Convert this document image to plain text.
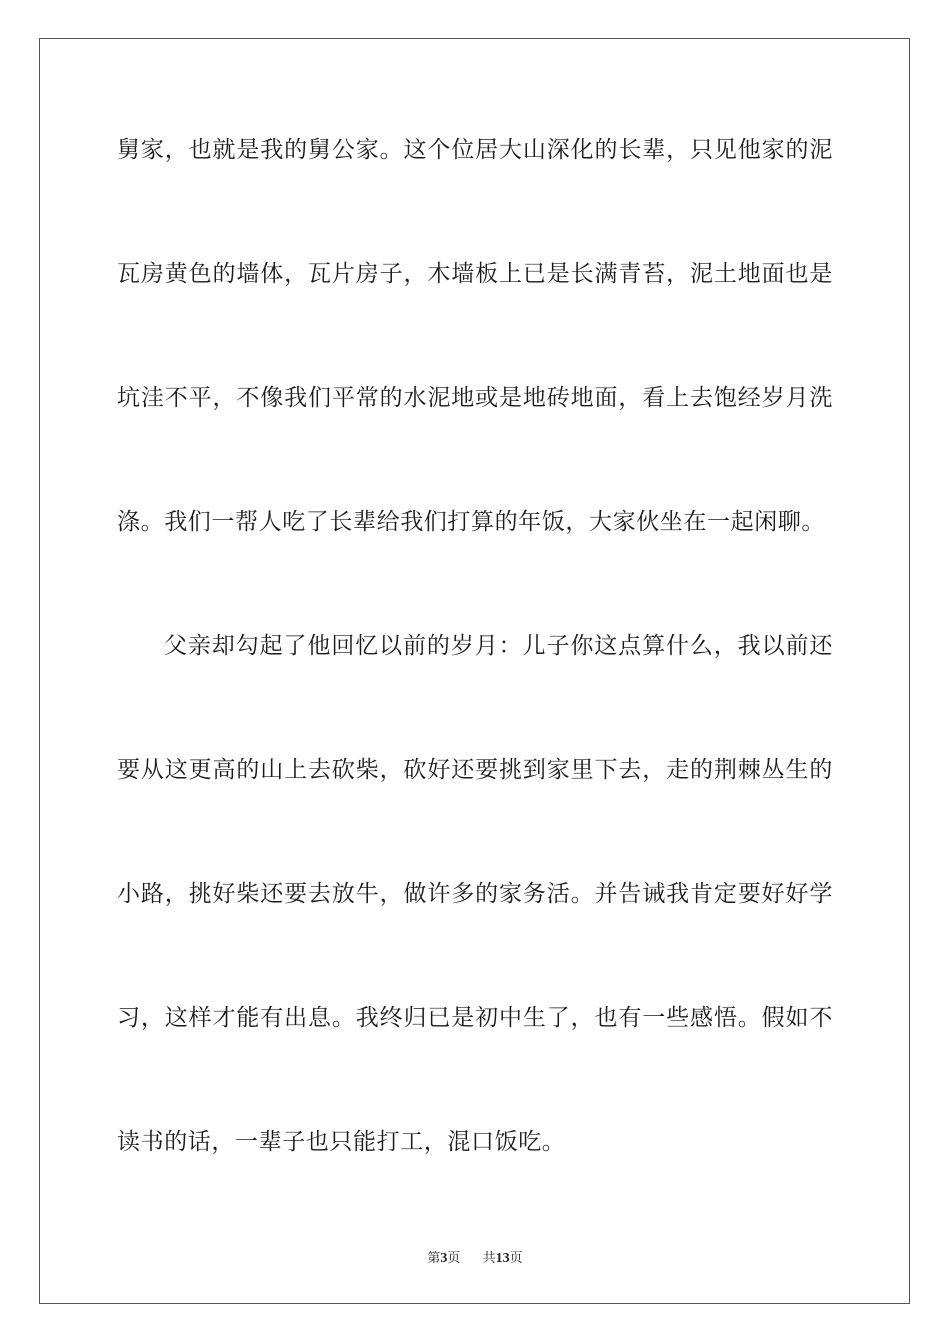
舅家，也就是我的舅公家。这个位居大山深化的长辈，只见他家的泥
瓦房黄色的墙体，瓦片房子，木墙板上已是长满青苔，泥土地面也是
坑洼不平，不像我们平常的水泥地或是地砖地面，看上去饱经岁月洗
涤。我们一帮人吃了长辈给我们打算的年饭，大家伙坐在一起闲聊。
父亲却勾起了他回忆以前的岁月：儿子你这点算什么，我以前还
要从这更高的山上去砍柴，砍好还要挑到家里下去，走的荆棘丛生的
小路，挑好柴还要去放牛，做许多的家务活。并告诫我肯定要好好学
习，这样才能有出息。我终归已是初中生了，也有一些感悟。假如不
读书的话，一辈子也只能打工，混口饭吃。
第3页 共13页
